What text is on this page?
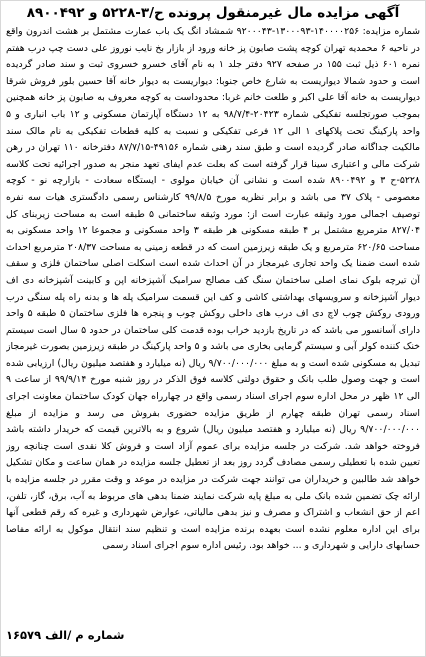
آگهی مزایده مال غیرمنقول پرونده ح/۳-۵۲۲۸ و ۸۹۰۰۴۹۲

شماره مزایده: ۱۴۰۰۰۰۲۵۶-۱۳۰۰۰۹۳-۹۲۰۰۰۴۳ شمشاد انگ یک باب عمارت مشتمل بر هشت اندرون واقع در ناحیه ۶ محمدیه تهران کوچه پشت صابون پز خانه ورود از بازار بخ نایب نوروز علی دست چپ درب هفتم نمره ۶۰۱ ذیل ثبت ۱۵۵ در صفحه ۹۲۷ دفتر جلد ۱ به نام آقای خسرو خسروی ثبت و سند صادر گردیده است و حدود شمالا دیواریست به شارع خاص جنوبا: دیواریست به دیوار خانه آقا حسین بلور فروش شرقا دیواریست به خانه آقا علی اکبر و طلعت خانم غربا: محدوداست به کوچه معروف به صابون پز خانه همچنین بموجب صورتجلسه تفکیکی شماره ۲۰۴۲۳-۹۸/۷/۴ به ۱۲ دستگاه آپارتمان مسکونی و ۱۲ باب انباری و ۵ واحد پارکینگ تحت پلاکهای ۱ الی ۱۲ فرعی تفکیکی و نسبت به کلیه قطعات تفکیکی به نام مالک سند مالکیت جداگانه صادر گردیده است و طبق سند رهنی شماره ۴۹۱۵۶-۸۷/۷/۱۵ دفترخانه ۱۱۰ تهران در رهن شرکت مالی و اعتباری سینا قرار گرفته است که بعلت عدم ایفای تعهد منجر به صدور اجرائیه تحت کلاسه ۵۲۲۸-ح ۳ و ۸۹۰۰۴۹۲ شده است و نشانی آن خیابان مولوی - ایستگاه سعادت - بازارچه نو - کوچه معصومی - پلاک ۳۷ می باشد و برابر نظریه مورخ ۹۹/۸/۵ کارشناس رسمی دادگستری هیات سه نفره توصیف اجمالی مورد وثیقه عبارت است از: مورد وثیقه ساختمانی ۵ طبقه است به مساحت زیربنای کل ۸۲۷/۰۴ مترمربع مشتمل بر ۴ طبقه مسکونی هر طبقه ۳ واحد مسکونی و مجموعا ۱۲ واحد مسکونی به مساحت ۶۲۰/۶۵ مترمربع و یک طبقه زیرزمین است که در قطعه زمینی به مساحت ۲۰۸/۳۷ مترمربع احداث شده است ضمنا یک واحد تجاری غیرمجاز در آن احداث شده است اسکلت اصلی ساختمان فلزی و سقف آن تیرچه بلوک نمای اصلی ساختمان سنگ کف مصالح سرامیک آشپزخانه اپن و کابینت آشپزخانه دی اف دیوار آشپزخانه و سرویسهای بهداشتی کاشی و کف این قسمت سرامیک پله ها و بدنه راه پله سنگی درب ورودی روکش چوب لاچ دی اف درب های داخلی روکش چوب و پنجره ها فلزی ساختمان ۵ طبقه ۵ واحد دارای آسانسور می باشد که در تاریخ بازدید خراب بوده قدمت کلی ساختمان در حدود ۵ سال است سیستم خنک کننده کولر آبی و سیستم گرمایی بخاری می باشد و ۵ واحد پارکینگ در طبقه زیرزمین بصورت غیرمجاز تبدیل به مسکونی شده است و به مبلغ ۹/۷۰۰/۰۰۰/۰۰۰ ریال (نه میلیارد و هفتصد میلیون ریال) ارزیابی شده است و جهت وصول طلب بانک و حقوق دولتی کلاسه فوق الذکر در روز شنبه مورخ ۹۹/۹/۱۴ از ساعت ۹ الی ۱۲ ظهر در محل اداره سوم اجرای اسناد رسمی واقع در چهارراه جهان کودک ساختمان معاونت اجرای اسناد رسمی تهران طبقه چهارم از طریق مزایده حضوری بفروش می رسد و مزایده از مبلغ ۹/۷۰۰/۰۰۰/۰۰۰ ریال (نه میلیارد و هفتصد میلیون ریال) شروع و به بالاترین قیمت که خریدار داشته باشد فروخته خواهد شد. شرکت در جلسه مزایده برای عموم آزاد است و فروش کلا نقدی است چنانچه روز تعیین شده با تعطیلی رسمی مصادف گردد روز بعد از تعطیل جلسه مزایده در همان ساعت و مکان تشکیل خواهد شد طالبین و خریداران می توانند جهت شرکت در مزایده در موعد و وقت مقرر در جلسه مزایده با ارائه چک تضمین شده بانک ملی به مبلغ پایه شرکت نمایند ضمنا بدهی های مربوط به آب، برق، گاز، تلفن، اعم از حق انشعاب و اشتراک و مصرف و نیز بدهی مالیاتی، عوارض شهرداری و غیره که رقم قطعی آنها برای این اداره معلوم نشده است بعهده برنده مزایده است و تنظیم سند انتقال موکول به ارائه مفاصا حسابهای دارایی و شهرداری و ... خواهد بود. رئیس اداره سوم اجرای اسناد رسمی

شماره م /الف ۱۶۵۷۹
